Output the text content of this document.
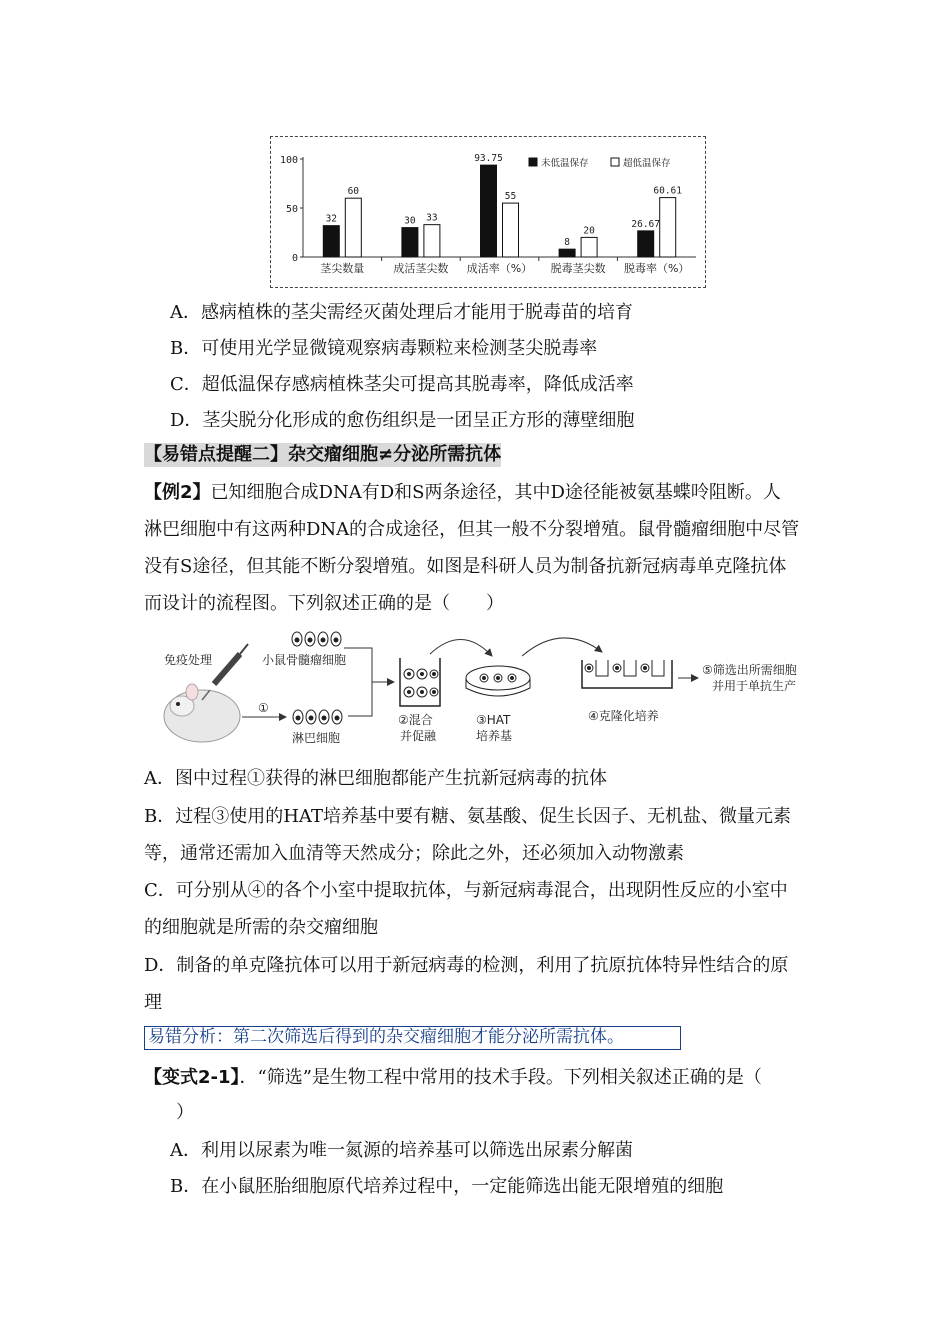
100
50
0
32
60
茎尖数量
30 33
成活茎尖数
93.75
55
成活率（%）
8
20
脱毒茎尖数
26.67
60.61
脱毒率（%）
未低温保存	超低温保存
A．感病植株的茎尖需经灭菌处理后才能用于脱毒苗的培育
B．可使用光学显微镜观察病毒颗粒来检测茎尖脱毒率
C．超低温保存感病植株茎尖可提高其脱毒率，降低成活率
D．茎尖脱分化形成的愈伤组织是一团呈正方形的薄壁细胞
【易错点提醒二】杂交瘤细胞≠分泌所需抗体
【例2】已知细胞合成DNA有D和S两条途径，其中D途径能被氨基蝶呤阻断。人
淋巴细胞中有这两种DNA的合成途径，但其一般不分裂增殖。鼠骨髓瘤细胞中尽管
没有S途径，但其能不断分裂增殖。如图是科研人员为制备抗新冠病毒单克隆抗体
而设计的流程图。下列叙述正确的是（　　）
免疫处理	小鼠骨髓瘤细胞
①
淋巴细胞
②混合
并促融
③HAT
培养基
④克隆化培养
⑤筛选出所需细胞
并用于单抗生产
A．图中过程①获得的淋巴细胞都能产生抗新冠病毒的抗体
B．过程③使用的HAT培养基中要有糖、氨基酸、促生长因子、无机盐、微量元素
等，通常还需加入血清等天然成分；除此之外，还必须加入动物激素
C．可分别从④的各个小室中提取抗体，与新冠病毒混合，出现阴性反应的小室中
的细胞就是所需的杂交瘤细胞
D．制备的单克隆抗体可以用于新冠病毒的检测，利用了抗原抗体特异性结合的原
理
易错分析：第二次筛选后得到的杂交瘤细胞才能分泌所需抗体。
【变式2-1】．“筛选”是生物工程中常用的技术手段。下列相关叙述正确的是（
）
A．利用以尿素为唯一氮源的培养基可以筛选出尿素分解菌
B．在小鼠胚胎细胞原代培养过程中，一定能筛选出能无限增殖的细胞
